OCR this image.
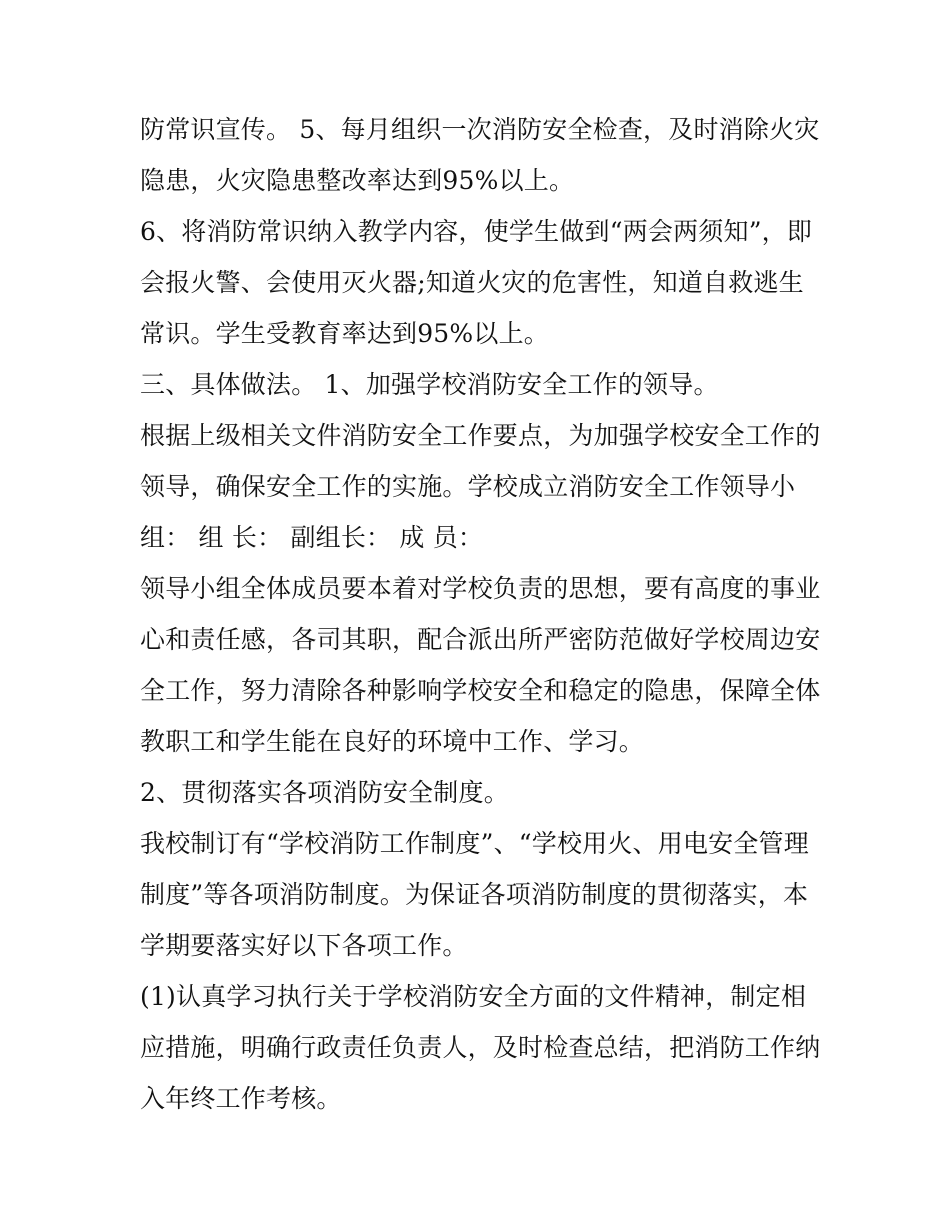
防常识宣传。 5、每月组织一次消防安全检查，及时消除火灾
隐患，火灾隐患整改率达到95%以上。
6、将消防常识纳入教学内容，使学生做到“两会两须知”，即
会报火警、会使用灭火器;知道火灾的危害性，知道自救逃生
常识。学生受教育率达到95%以上。
三、具体做法。 1、加强学校消防安全工作的领导。
根据上级相关文件消防安全工作要点，为加强学校安全工作的
领导，确保安全工作的实施。学校成立消防安全工作领导小
组： 组 长： 副组长： 成 员：
领导小组全体成员要本着对学校负责的思想，要有高度的事业
心和责任感，各司其职，配合派出所严密防范做好学校周边安
全工作，努力清除各种影响学校安全和稳定的隐患，保障全体
教职工和学生能在良好的环境中工作、学习。
2、贯彻落实各项消防安全制度。
我校制订有“学校消防工作制度”、“学校用火、用电安全管理
制度”等各项消防制度。为保证各项消防制度的贯彻落实，本
学期要落实好以下各项工作。
(1)认真学习执行关于学校消防安全方面的文件精神，制定相
应措施，明确行政责任负责人，及时检查总结，把消防工作纳
入年终工作考核。
